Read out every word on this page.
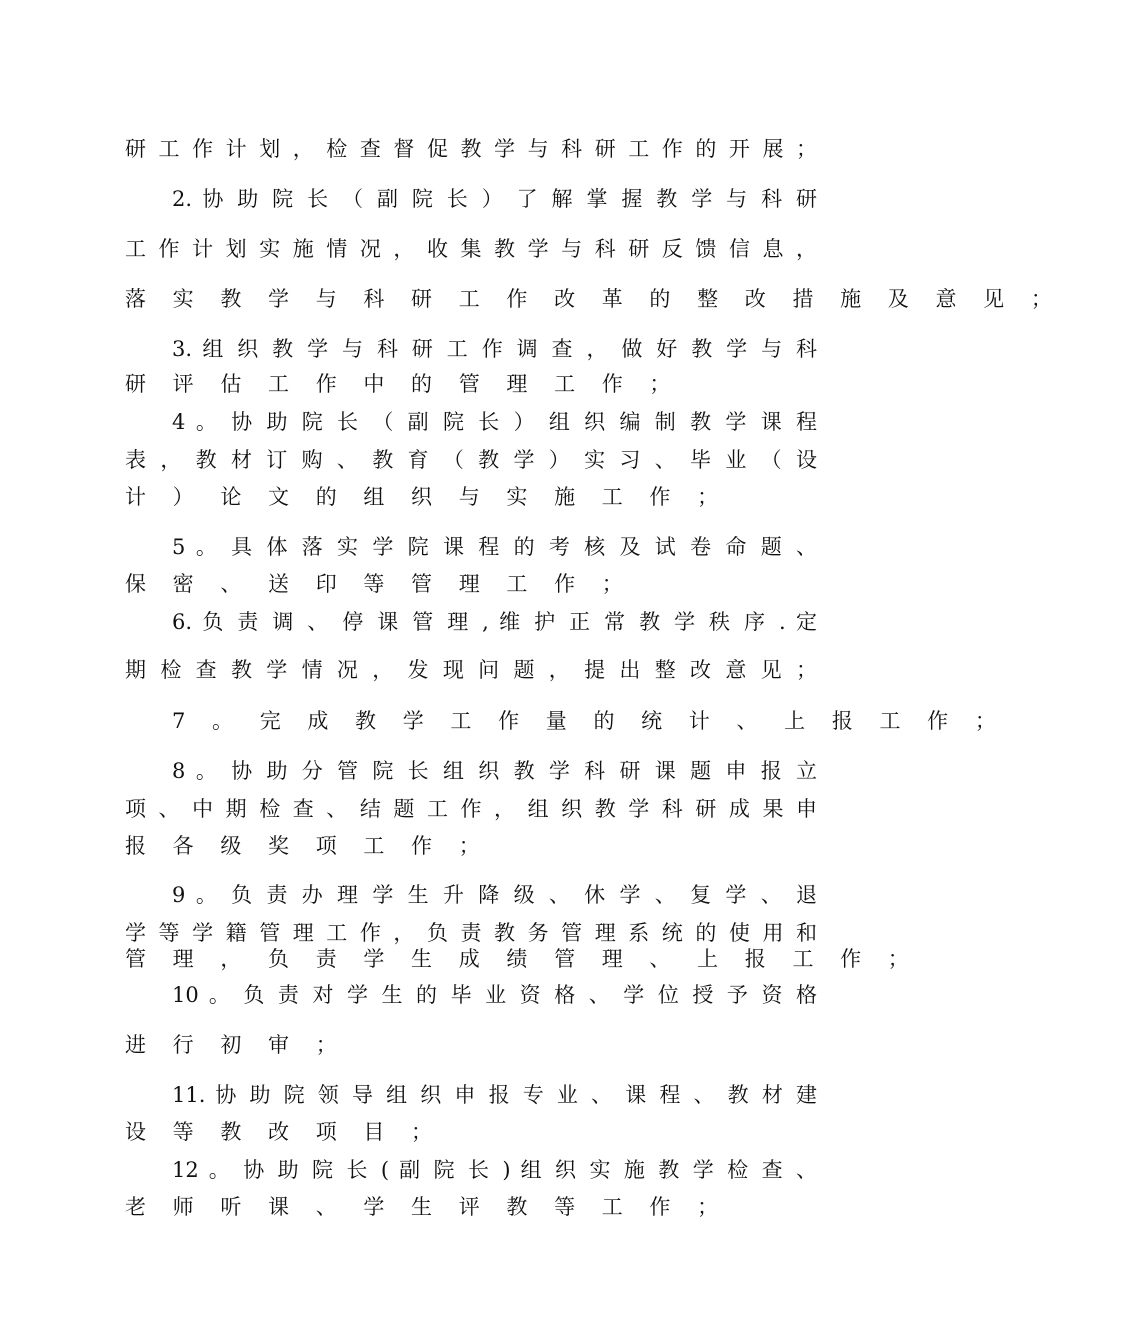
研 工 作 计 划 ， 检 查 督 促 教 学 与 科 研 工 作 的 开 展 ；

2. 协 助 院 长 （ 副 院 长 ） 了 解 掌 握 教 学 与 科 研

工 作 计 划 实 施 情 况 ， 收 集 教 学 与 科 研 反 馈 信 息 ，

落 实 教 学 与 科 研 工 作 改 革 的 整 改 措 施 及 意 见 ；

3. 组 织 教 学 与 科 研 工 作 调 查 ， 做 好 教 学 与 科

研 评 估 工 作 中 的 管 理 工 作 ；

4 。 协 助 院 长 （ 副 院 长 ） 组 织 编 制 教 学 课 程

表 ， 教 材 订 购 、 教 育 （ 教 学 ） 实 习 、 毕 业 （ 设

计 ） 论 文 的 组 织 与 实 施 工 作 ；

5 。 具 体 落 实 学 院 课 程 的 考 核 及 试 卷 命 题 、

保 密 、 送 印 等 管 理 工 作 ；

6. 负 责 调 、 停 课 管 理 , 维 护 正 常 教 学 秩 序 . 定

期 检 查 教 学 情 况 ， 发 现 问 题 ， 提 出 整 改 意 见 ；

7 。 完 成 教 学 工 作 量 的 统 计 、 上 报 工 作 ；

8 。 协 助 分 管 院 长 组 织 教 学 科 研 课 题 申 报 立

项 、 中 期 检 查 、 结 题 工 作 ， 组 织 教 学 科 研 成 果 申

报 各 级 奖 项 工 作 ；

9 。 负 责 办 理 学 生 升 降 级 、 休 学 、 复 学 、 退

学 等 学 籍 管 理 工 作 ， 负 责 教 务 管 理 系 统 的 使 用 和

管 理 ， 负 责 学 生 成 绩 管 理 、 上 报 工 作 ；

10 。 负 责 对 学 生 的 毕 业 资 格 、 学 位 授 予 资 格

进 行 初 审 ；

11. 协 助 院 领 导 组 织 申 报 专 业 、 课 程 、 教 材 建

设 等 教 改 项 目 ；

12 。 协 助 院 长 ( 副 院 长 ) 组 织 实 施 教 学 检 查 、

老 师 听 课 、 学 生 评 教 等 工 作 ；
